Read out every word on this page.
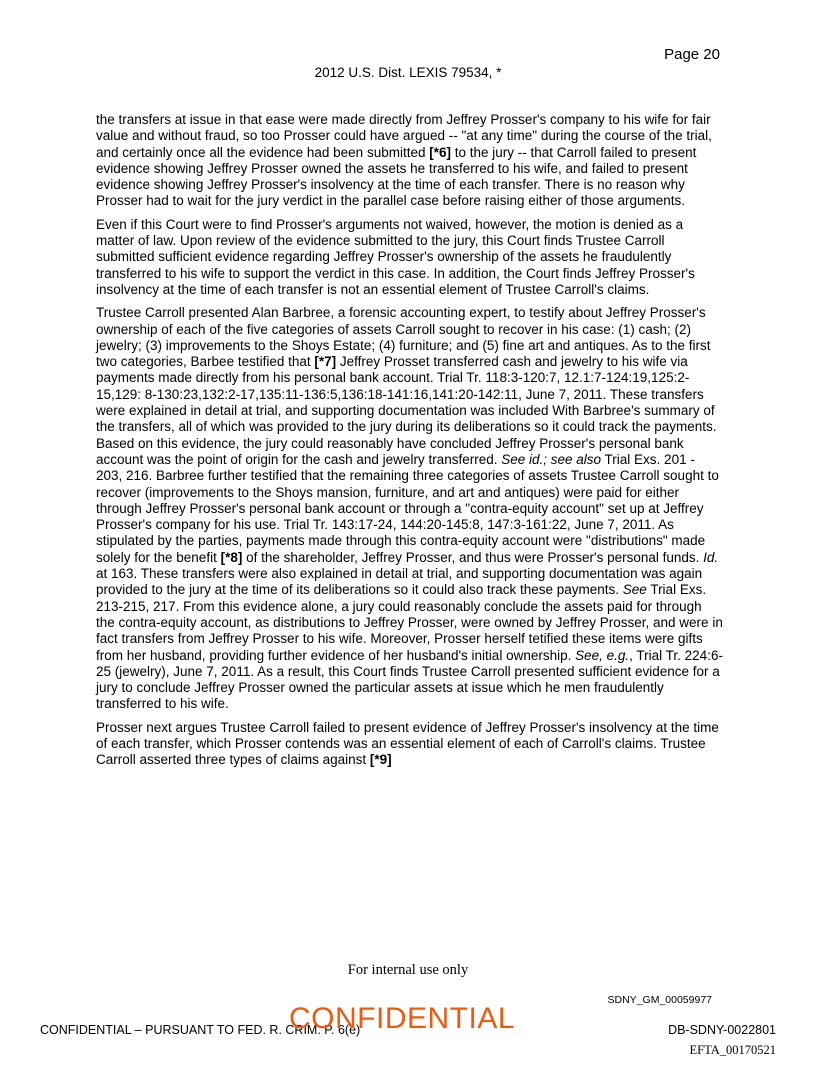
Page 20
2012 U.S. Dist. LEXIS 79534, *

the transfers at issue in that ease were made directly from Jeffrey Prosser's company to his wife for fair value and without fraud, so too Prosser could have argued -- "at any time" during the course of the trial, and certainly once all the evidence had been submitted [*6] to the jury -- that Carroll failed to present evidence showing Jeffrey Prosser owned the assets he transferred to his wife, and failed to present evidence showing Jeffrey Prosser's insolvency at the time of each transfer. There is no reason why Prosser had to wait for the jury verdict in the parallel case before raising either of those arguments.

Even if this Court were to find Prosser's arguments not waived, however, the motion is denied as a matter of law. Upon review of the evidence submitted to the jury, this Court finds Trustee Carroll submitted sufficient evidence regarding Jeffrey Prosser's ownership of the assets he fraudulently transferred to his wife to support the verdict in this case. In addition, the Court finds Jeffrey Prosser's insolvency at the time of each transfer is not an essential element of Trustee Carroll's claims.

Trustee Carroll presented Alan Barbree, a forensic accounting expert, to testify about Jeffrey Prosser's ownership of each of the five categories of assets Carroll sought to recover in his case: (1) cash; (2) jewelry; (3) improvements to the Shoys Estate; (4) furniture; and (5) fine art and antiques. As to the first two categories, Barbee testified that [*7] Jeffrey Prosset transferred cash and jewelry to his wife via payments made directly from his personal bank account. Trial Tr. 118:3-120:7, 12.1:7-124:19,125:2-15,129: 8-130:23,132:2-17,135:11-136:5,136:18-141:16,141:20-142:11, June 7, 2011. These transfers were explained in detail at trial, and supporting documentation was included With Barbree's summary of the transfers, all of which was provided to the jury during its deliberations so it could track the payments. Based on this evidence, the jury could reasonably have concluded Jeffrey Prosser's personal bank account was the point of origin for the cash and jewelry transferred. See id.; see also Trial Exs. 201 - 203, 216. Barbree further testified that the remaining three categories of assets Trustee Carroll sought to recover (improvements to the Shoys mansion, furniture, and art and antiques) were paid for either through Jeffrey Prosser's personal bank account or through a "contra-equity account" set up at Jeffrey Prosser's company for his use. Trial Tr. 143:17-24, 144:20-145:8, 147:3-161:22, June 7, 2011. As stipulated by the parties, payments made through this contra-equity account were "distributions" made solely for the benefit [*8] of the shareholder, Jeffrey Prosser, and thus were Prosser's personal funds. Id. at 163. These transfers were also explained in detail at trial, and supporting documentation was again provided to the jury at the time of its deliberations so it could also track these payments. See Trial Exs. 213-215, 217. From this evidence alone, a jury could reasonably conclude the assets paid for through the contra-equity account, as distributions to Jeffrey Prosser, were owned by Jeffrey Prosser, and were in fact transfers from Jeffrey Prosser to his wife. Moreover, Prosser herself tetified these items were gifts from her husband, providing further evidence of her husband's initial ownership. See, e.g., Trial Tr. 224:6-25 (jewelry), June 7, 2011. As a result, this Court finds Trustee Carroll presented sufficient evidence for a jury to conclude Jeffrey Prosser owned the particular assets at issue which he men fraudulently transferred to his wife.

Prosser next argues Trustee Carroll failed to present evidence of Jeffrey Prosser's insolvency at the time of each transfer, which Prosser contends was an essential element of each of Carroll's claims. Trustee Carroll asserted three types of claims against [*9]

For internal use only
SDNY_GM_00059977
CONFIDENTIAL – PURSUANT TO FED. R. CRIM. P. 6(e)
CONFIDENTIAL	DB-SDNY-0022801
EFTA_00170521
